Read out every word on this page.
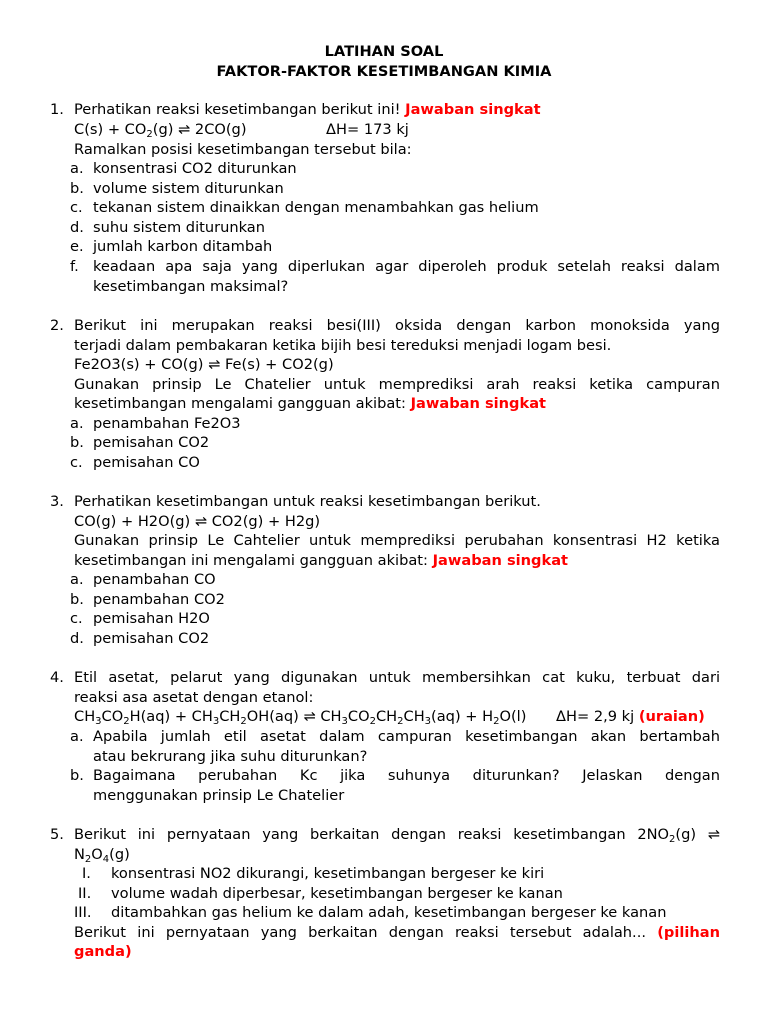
LATIHAN SOAL
FAKTOR-FAKTOR KESETIMBANGAN KIMIA
1. Perhatikan reaksi kesetimbangan berikut ini! Jawaban singkat
$C(s) + CO_2(g)$ ⇌ 2CO(g)	ΔH= 173 kj
Ramalkan posisi kesetimbangan tersebut bila:
a. konsentrasi CO2 diturunkan
b. volume sistem diturunkan
c. tekanan sistem dinaikkan dengan menambahkan gas helium
d. suhu sistem diturunkan
e. jumlah karbon ditambah
f. keadaan apa saja yang diperlukan agar diperoleh produk setelah reaksi dalam
kesetimbangan maksimal?
2. Berikut ini merupakan reaksi besi(III) oksida dengan karbon monoksida yang
terjadi dalam pembakaran ketika bijih besi tereduksi menjadi logam besi.
Fe2O3(s) + CO(g) ⇌ Fe(s) + CO2(g)
Gunakan prinsip Le Chatelier untuk memprediksi arah reaksi ketika campuran
kesetimbangan mengalami gangguan akibat: Jawaban singkat
a. penambahan Fe2O3
b. pemisahan CO2
c. pemisahan CO
3. Perhatikan kesetimbangan untuk reaksi kesetimbangan berikut.
CO(g) + H2O(g) ⇌ CO2(g) + H2g)
Gunakan prinsip Le Cahtelier untuk memprediksi perubahan konsentrasi H2 ketika
kesetimbangan ini mengalami gangguan akibat: Jawaban singkat
a. penambahan CO
b. penambahan CO2
c. pemisahan H2O
d. pemisahan CO2
4. Etil asetat, pelarut yang digunakan untuk membersihkan cat kuku, terbuat dari
reaksi asa asetat dengan etanol:
$CH_3CO_2H(aq) + CH_3CH_2OH(aq)$ ⇌ $CH_3CO_2CH_2CH_3(aq) + H_2O(l)$ ΔH= 2,9 kj (uraian)
a. Apabila jumlah etil asetat dalam campuran kesetimbangan akan bertambah
atau bekrurang jika suhu diturunkan?
b. Bagaimana perubahan Kc jika suhunya diturunkan? Jelaskan dengan
menggunakan prinsip Le Chatelier
5. Berikut ini pernyataan yang berkaitan dengan reaksi kesetimbangan $2NO_2(g)$ ⇌
$N_2O_4(g)$
I. konsentrasi NO2 dikurangi, kesetimbangan bergeser ke kiri
II. volume wadah diperbesar, kesetimbangan bergeser ke kanan
III. ditambahkan gas helium ke dalam adah, kesetimbangan bergeser ke kanan
Berikut ini pernyataan yang berkaitan dengan reaksi tersebut adalah... (pilihan
ganda)
